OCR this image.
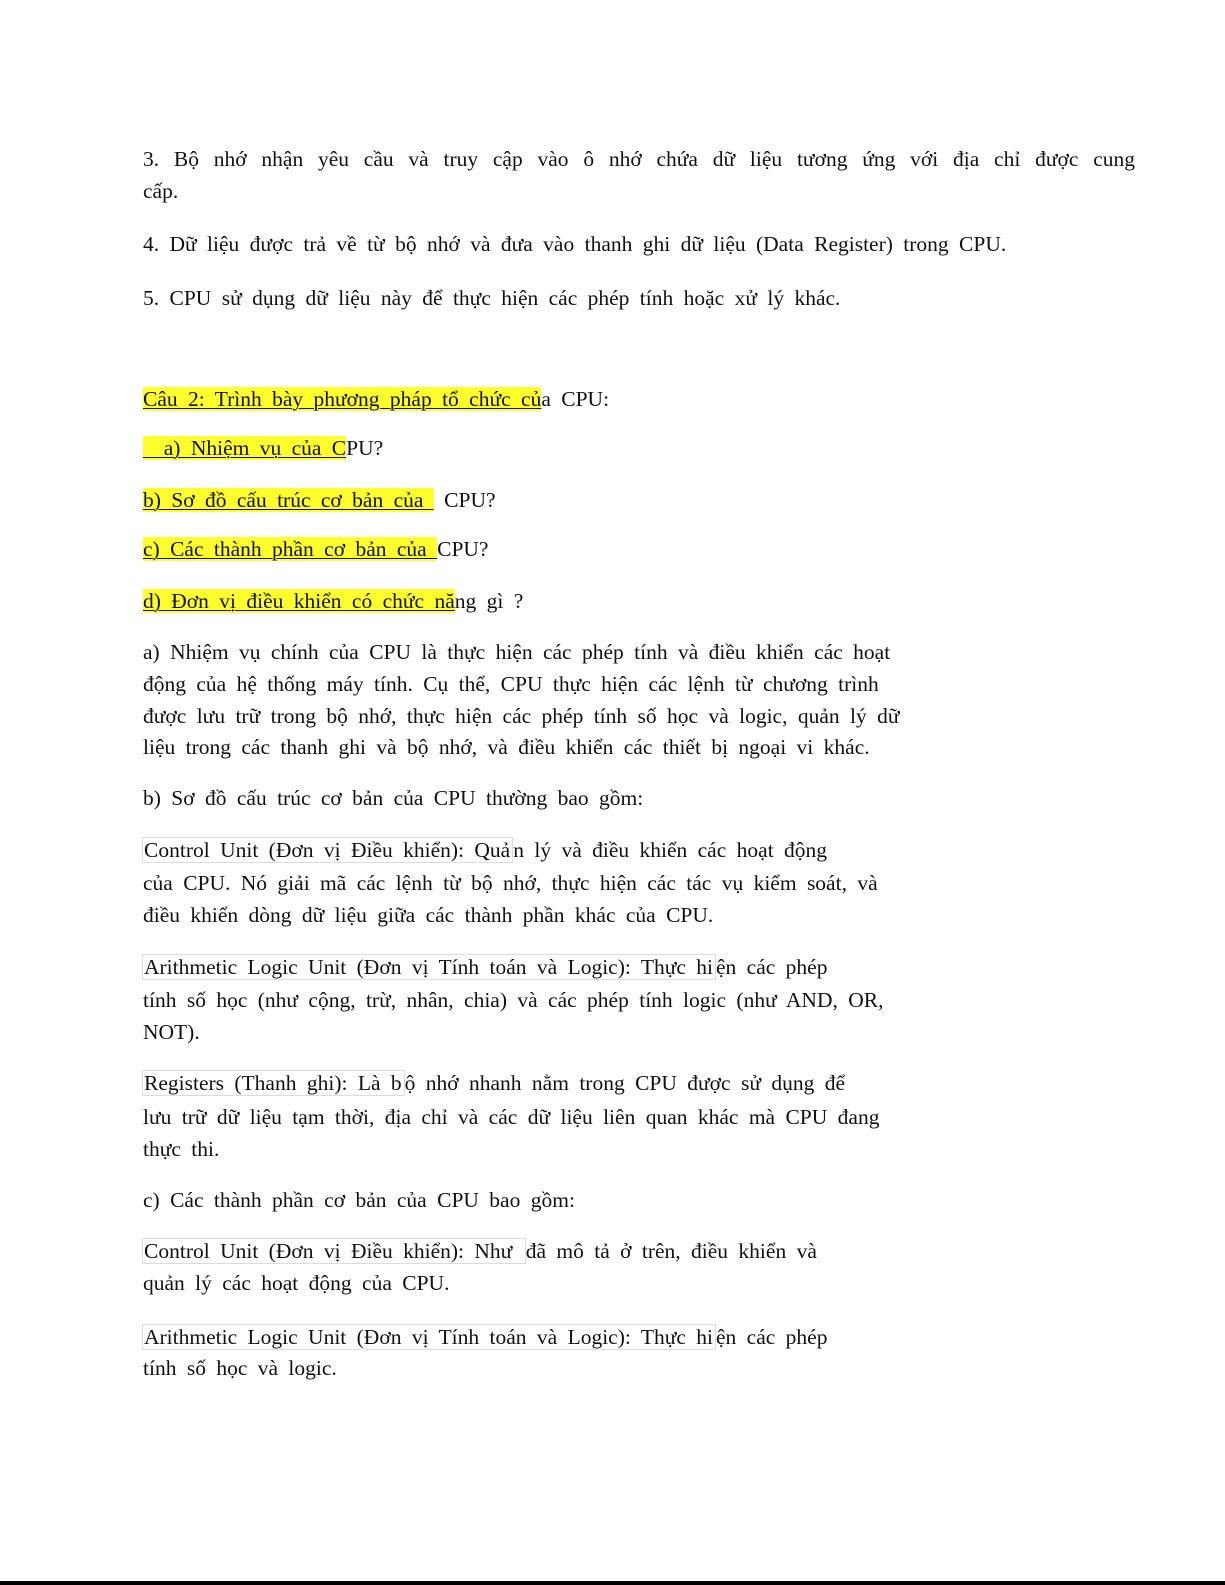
3. Bộ nhớ nhận yêu cầu và truy cập vào ô nhớ chứa dữ liệu tương ứng với địa chỉ được cung
cấp.
4. Dữ liệu được trả về từ bộ nhớ và đưa vào thanh ghi dữ liệu (Data Register) trong CPU.
5. CPU sử dụng dữ liệu này để thực hiện các phép tính hoặc xử lý khác.
Câu 2: Trình bày phương pháp tổ chức của CPU:
a) Nhiệm vụ của CPU?
b) Sơ đồ cấu trúc cơ bản của  CPU?
c) Các thành phần cơ bản của CPU?
d) Đơn vị điều khiển có chức năng gì ?
a) Nhiệm vụ chính của CPU là thực hiện các phép tính và điều khiển các hoạt
động của hệ thống máy tính. Cụ thể, CPU thực hiện các lệnh từ chương trình
được lưu trữ trong bộ nhớ, thực hiện các phép tính số học và logic, quản lý dữ
liệu trong các thanh ghi và bộ nhớ, và điều khiển các thiết bị ngoại vi khác.
b) Sơ đồ cấu trúc cơ bản của CPU thường bao gồm:
Control Unit (Đơn vị Điều khiển): Quả n lý và điều khiển các hoạt động
của CPU. Nó giải mã các lệnh từ bộ nhớ, thực hiện các tác vụ kiểm soát, và
điều khiển dòng dữ liệu giữa các thành phần khác của CPU.
Arithmetic Logic Unit (Đơn vị Tính toán và Logic): Thực hi ện các phép
tính số học (như cộng, trừ, nhân, chia) và các phép tính logic (như AND, OR,
NOT).
Registers (Thanh ghi): Là b ộ nhớ nhanh nằm trong CPU được sử dụng để
lưu trữ dữ liệu tạm thời, địa chỉ và các dữ liệu liên quan khác mà CPU đang
thực thi.
c) Các thành phần cơ bản của CPU bao gồm:
Control Unit (Đơn vị Điều khiển): Như đã mô tả ở trên, điều khiển và
quản lý các hoạt động của CPU.
Arithmetic Logic Unit (Đơn vị Tính toán và Logic): Thực hi ện các phép
tính số học và logic.
